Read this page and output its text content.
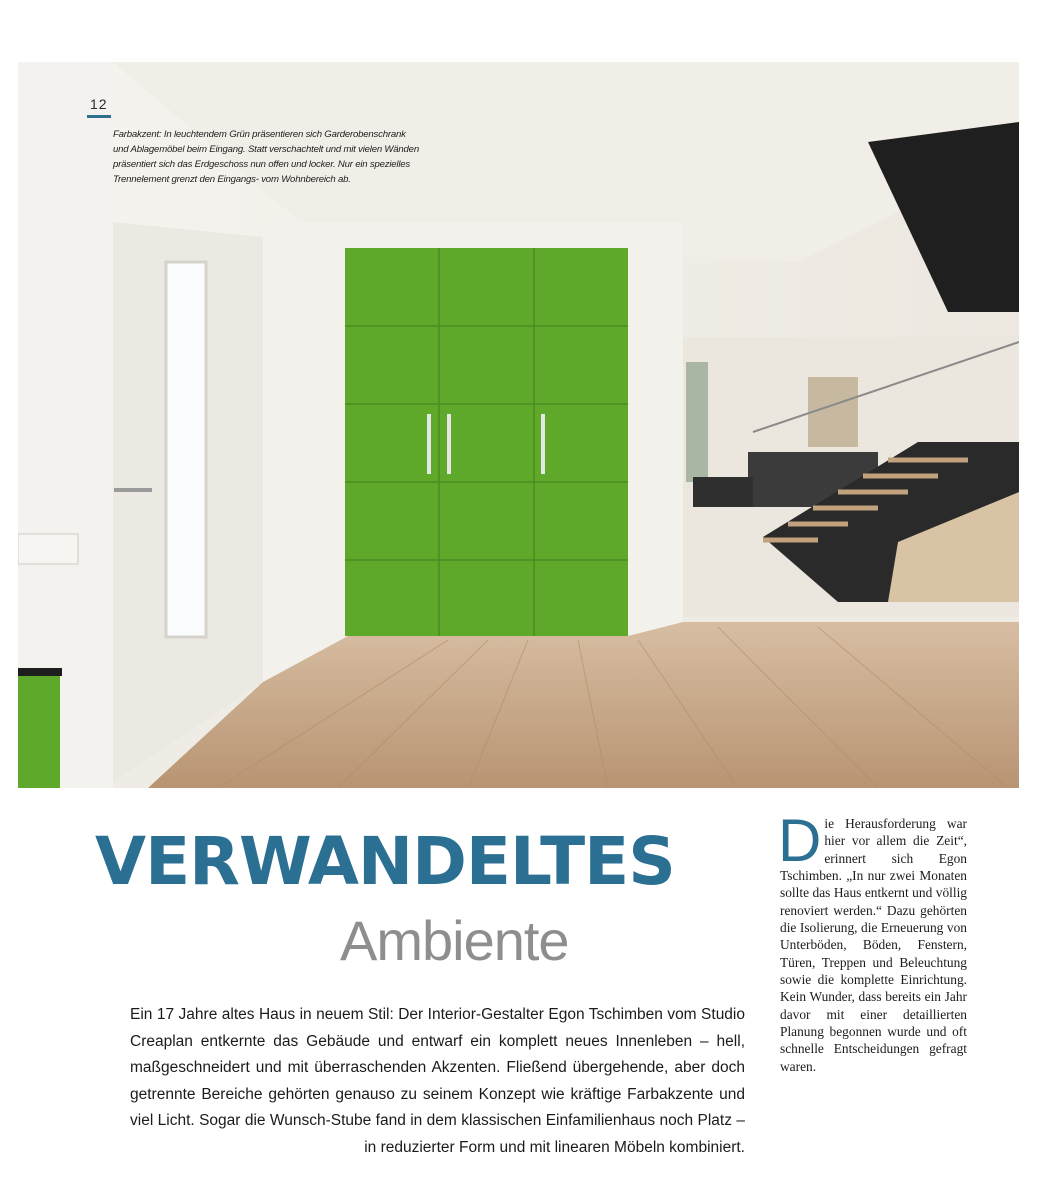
12
Farbakzent: In leuchtendem Grün präsentieren sich Garderobenschrank und Ablagemöbel beim Eingang. Statt verschachtelt und mit vielen Wänden präsentiert sich das Erdgeschoss nun offen und locker. Nur ein spezielles Trennelement grenzt den Eingangs- vom Wohnbereich ab.
VERWANDELTES
Ambiente
Ein 17 Jahre altes Haus in neuem Stil: Der Interior-Gestalter Egon Tschimben vom Studio Creaplan entkernte das Gebäude und entwarf ein komplett neues Innenleben – hell, maßgeschneidert und mit überraschenden Akzenten. Fließend übergehende, aber doch getrennte Bereiche gehörten genauso zu seinem Konzept wie kräftige Farbakzente und viel Licht. Sogar die Wunsch-Stube fand in dem klassischen Einfamilienhaus noch Platz – in reduzierter Form und mit linearen Möbeln kombiniert.
Die Herausforderung war hier vor allem die Zeit“, erinnert sich Egon Tschimben. „In nur zwei Monaten sollte das Haus entkernt und völlig renoviert werden.“ Dazu gehörten die Isolierung, die Erneuerung von Unterböden, Böden, Fenstern, Türen, Treppen und Beleuchtung sowie die komplette Einrichtung. Kein Wunder, dass bereits ein Jahr davor mit einer detaillierten Planung begonnen wurde und oft schnelle Entscheidungen gefragt waren.
